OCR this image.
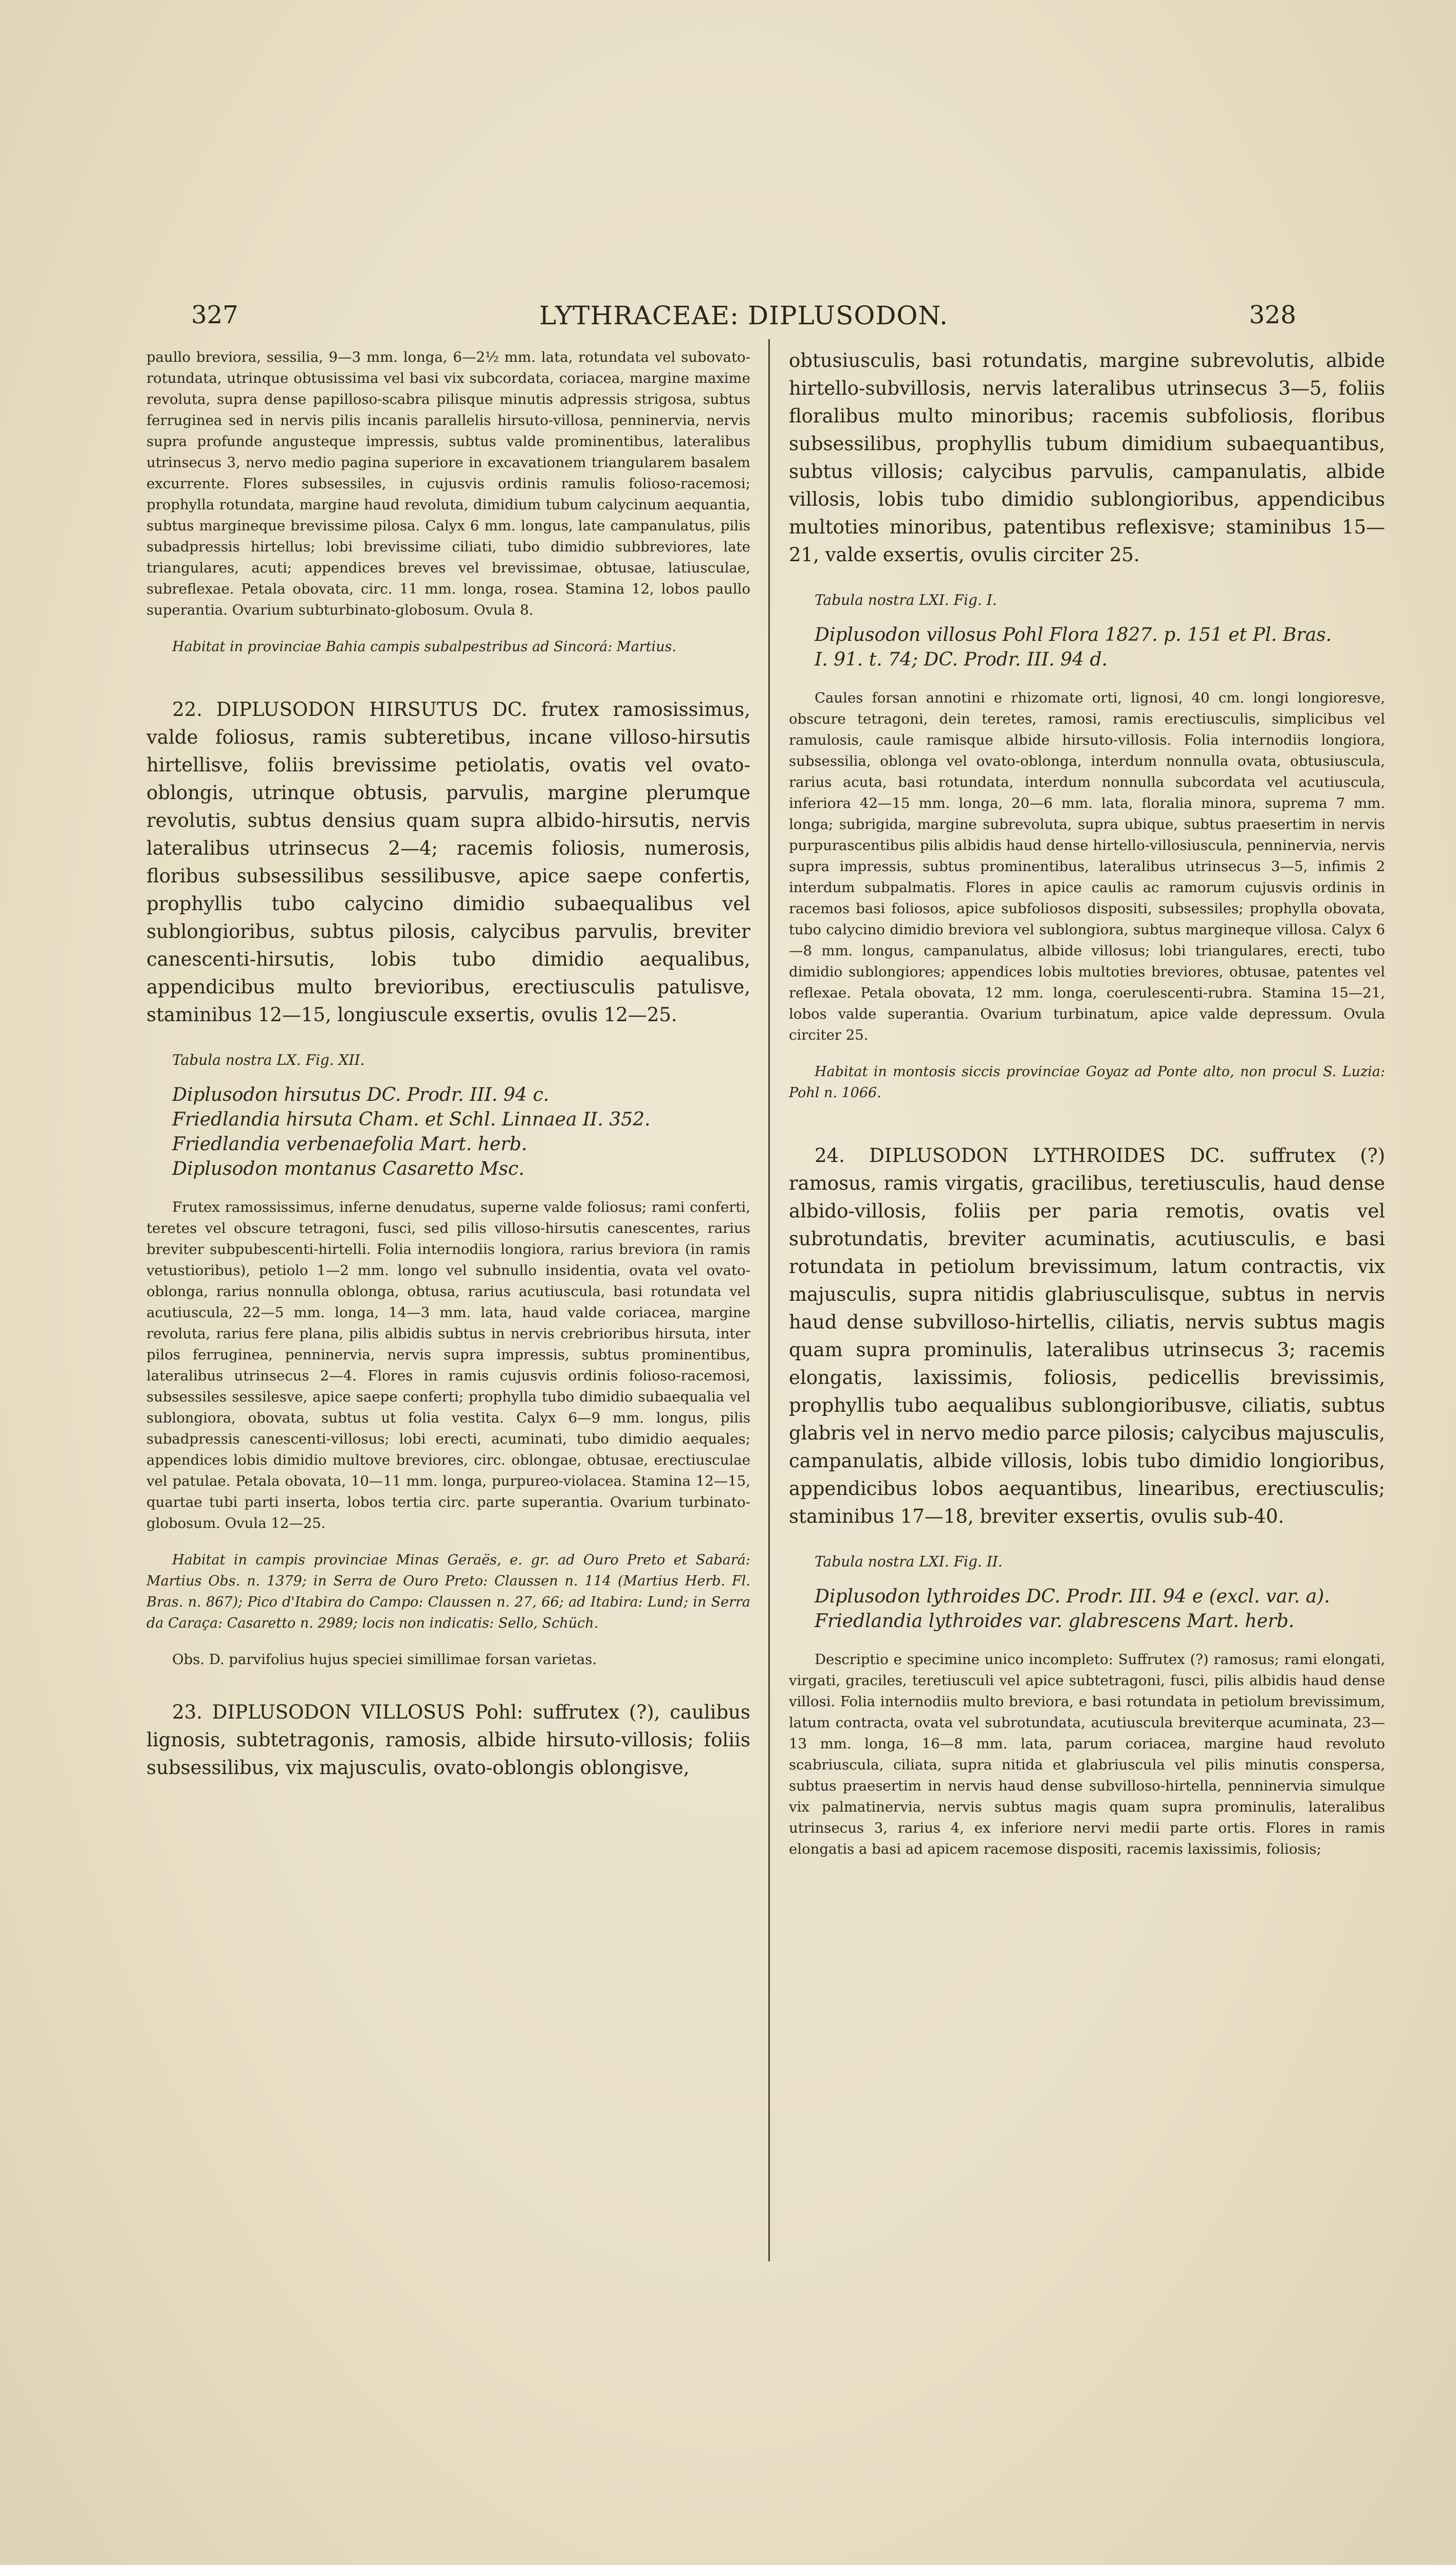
327	LYTHRACEAE: DIPLUSODON.	328

paullo breviora, sessilia, 9—3 mm. longa, 6—2½ mm. lata, rotundata vel subovato-rotundata, utrinque obtusissima vel basi vix subcordata, coriacea, margine maxime revoluta, supra dense papilloso-scabra pilisque minutis adpressis strigosa, subtus ferruginea sed in nervis pilis incanis parallelis hirsuto-villosa, penninervia, nervis supra profunde angusteque impressis, subtus valde prominentibus, lateralibus utrinsecus 3, nervo medio pagina superiore in excavationem triangularem basalem excurrente. Flores subsessiles, in cujusvis ordinis ramulis folioso-racemosi; prophylla rotundata, margine haud revoluta, dimidium tubum calycinum aequantia, subtus margineque brevissime pilosa. Calyx 6 mm. longus, late campanulatus, pilis subadpressis hirtellus; lobi brevissime ciliati, tubo dimidio subbreviores, late triangulares, acuti; appendices breves vel brevissimae, obtusae, latiusculae, subreflexae. Petala obovata, circ. 11 mm. longa, rosea. Stamina 12, lobos paullo superantia. Ovarium subturbinato-globosum. Ovula 8.

Habitat in provinciae Bahia campis subalpestribus ad Sincorá: Martius.

22. DIPLUSODON HIRSUTUS DC. frutex ramosissimus, valde foliosus, ramis subteretibus, incane villoso-hirsutis hirtellisve, foliis brevissime petiolatis, ovatis vel ovato-oblongis, utrinque obtusis, parvulis, margine plerumque revolutis, subtus densius quam supra albido-hirsutis, nervis lateralibus utrinsecus 2—4; racemis foliosis, numerosis, floribus subsessilibus sessilibusve, apice saepe confertis, prophyllis tubo calycino dimidio subaequalibus vel sublongioribus, subtus pilosis, calycibus parvulis, breviter canescenti-hirsutis, lobis tubo dimidio aequalibus, appendicibus multo brevioribus, erectiusculis patulisve, staminibus 12—15, longiuscule exsertis, ovulis 12—25.

Tabula nostra LX. Fig. XII.

Diplusodon hirsutus DC. Prodr. III. 94 c.

Friedlandia hirsuta Cham. et Schl. Linnaea II. 352.

Friedlandia verbenaefolia Mart. herb.

Diplusodon montanus Casaretto Msc.

Frutex ramossissimus, inferne denudatus, superne valde foliosus; rami conferti, teretes vel obscure tetragoni, fusci, sed pilis villoso-hirsutis canescentes, rarius breviter subpubescenti-hirtelli. Folia internodiis longiora, rarius breviora (in ramis vetustioribus), petiolo 1—2 mm. longo vel subnullo insidentia, ovata vel ovato-oblonga, rarius nonnulla oblonga, obtusa, rarius acutiuscula, basi rotundata vel acutiuscula, 22—5 mm. longa, 14—3 mm. lata, haud valde coriacea, margine revoluta, rarius fere plana, pilis albidis subtus in nervis crebrioribus hirsuta, inter pilos ferruginea, penninervia, nervis supra impressis, subtus prominentibus, lateralibus utrinsecus 2—4. Flores in ramis cujusvis ordinis folioso-racemosi, subsessiles sessilesve, apice saepe conferti; prophylla tubo dimidio subaequalia vel sublongiora, obovata, subtus ut folia vestita. Calyx 6—9 mm. longus, pilis subadpressis canescenti-villosus; lobi erecti, acuminati, tubo dimidio aequales; appendices lobis dimidio multove breviores, circ. oblongae, obtusae, erectiusculae vel patulae. Petala obovata, 10—11 mm. longa, purpureo-violacea. Stamina 12—15, quartae tubi parti inserta, lobos tertia circ. parte superantia. Ovarium turbinato-globosum. Ovula 12—25.

Habitat in campis provinciae Minas Geraës, e. gr. ad Ouro Preto et Sabará: Martius Obs. n. 1379; in Serra de Ouro Preto: Claussen n. 114 (Martius Herb. Fl. Bras. n. 867); Pico d'Itabira do Campo: Claussen n. 27, 66; ad Itabira: Lund; in Serra da Caraça: Casaretto n. 2989; locis non indicatis: Sello, Schüch.

Obs. D. parvifolius hujus speciei simillimae forsan varietas.

23. DIPLUSODON VILLOSUS Pohl: suffrutex (?), caulibus lignosis, subtetragonis, ramosis, albide hirsuto-villosis; foliis subsessilibus, vix majusculis, ovato-oblongis oblongisve,

obtusiusculis, basi rotundatis, margine subrevolutis, albide hirtello-subvillosis, nervis lateralibus utrinsecus 3—5, foliis floralibus multo minoribus; racemis subfoliosis, floribus subsessilibus, prophyllis tubum dimidium subaequantibus, subtus villosis; calycibus parvulis, campanulatis, albide villosis, lobis tubo dimidio sublongioribus, appendicibus multoties minoribus, patentibus reflexisve; staminibus 15—21, valde exsertis, ovulis circiter 25.

Tabula nostra LXI. Fig. I.

Diplusodon villosus Pohl Flora 1827. p. 151 et Pl. Bras.

I. 91. t. 74; DC. Prodr. III. 94 d.

Caules forsan annotini e rhizomate orti, lignosi, 40 cm. longi longioresve, obscure tetragoni, dein teretes, ramosi, ramis erectiusculis, simplicibus vel ramulosis, caule ramisque albide hirsuto-villosis. Folia internodiis longiora, subsessilia, oblonga vel ovato-oblonga, interdum nonnulla ovata, obtusiuscula, rarius acuta, basi rotundata, interdum nonnulla subcordata vel acutiuscula, inferiora 42—15 mm. longa, 20—6 mm. lata, floralia minora, suprema 7 mm. longa; subrigida, margine subrevoluta, supra ubique, subtus praesertim in nervis purpurascentibus pilis albidis haud dense hirtello-villosiuscula, penninervia, nervis supra impressis, subtus prominentibus, lateralibus utrinsecus 3—5, infimis 2 interdum subpalmatis. Flores in apice caulis ac ramorum cujusvis ordinis in racemos basi foliosos, apice subfoliosos dispositi, subsessiles; prophylla obovata, tubo calycino dimidio breviora vel sublongiora, subtus margineque villosa. Calyx 6—8 mm. longus, campanulatus, albide villosus; lobi triangulares, erecti, tubo dimidio sublongiores; appendices lobis multoties breviores, obtusae, patentes vel reflexae. Petala obovata, 12 mm. longa, coerulescenti-rubra. Stamina 15—21, lobos valde superantia. Ovarium turbinatum, apice valde depressum. Ovula circiter 25.

Habitat in montosis siccis provinciae Goyaz ad Ponte alto, non procul S. Luzia: Pohl n. 1066.

24. DIPLUSODON LYTHROIDES DC. suffrutex (?) ramosus, ramis virgatis, gracilibus, teretiusculis, haud dense albido-villosis, foliis per paria remotis, ovatis vel subrotundatis, breviter acuminatis, acutiusculis, e basi rotundata in petiolum brevissimum, latum contractis, vix majusculis, supra nitidis glabriusculisque, subtus in nervis haud dense subvilloso-hirtellis, ciliatis, nervis subtus magis quam supra prominulis, lateralibus utrinsecus 3; racemis elongatis, laxissimis, foliosis, pedicellis brevissimis, prophyllis tubo aequalibus sublongioribusve, ciliatis, subtus glabris vel in nervo medio parce pilosis; calycibus majusculis, campanulatis, albide villosis, lobis tubo dimidio longioribus, appendicibus lobos aequantibus, linearibus, erectiusculis; staminibus 17—18, breviter exsertis, ovulis sub-40.

Tabula nostra LXI. Fig. II.

Diplusodon lythroides DC. Prodr. III. 94 e (excl. var. a).

Friedlandia lythroides var. glabrescens Mart. herb.

Descriptio e specimine unico incompleto: Suffrutex (?) ramosus; rami elongati, virgati, graciles, teretiusculi vel apice subtetragoni, fusci, pilis albidis haud dense villosi. Folia internodiis multo breviora, e basi rotundata in petiolum brevissimum, latum contracta, ovata vel subrotundata, acutiuscula breviterque acuminata, 23—13 mm. longa, 16—8 mm. lata, parum coriacea, margine haud revoluto scabriuscula, ciliata, supra nitida et glabriuscula vel pilis minutis conspersa, subtus praesertim in nervis haud dense subvilloso-hirtella, penninervia simulque vix palmatinervia, nervis subtus magis quam supra prominulis, lateralibus utrinsecus 3, rarius 4, ex inferiore nervi medii parte ortis. Flores in ramis elongatis a basi ad apicem racemose dispositi, racemis laxissimis, foliosis;
